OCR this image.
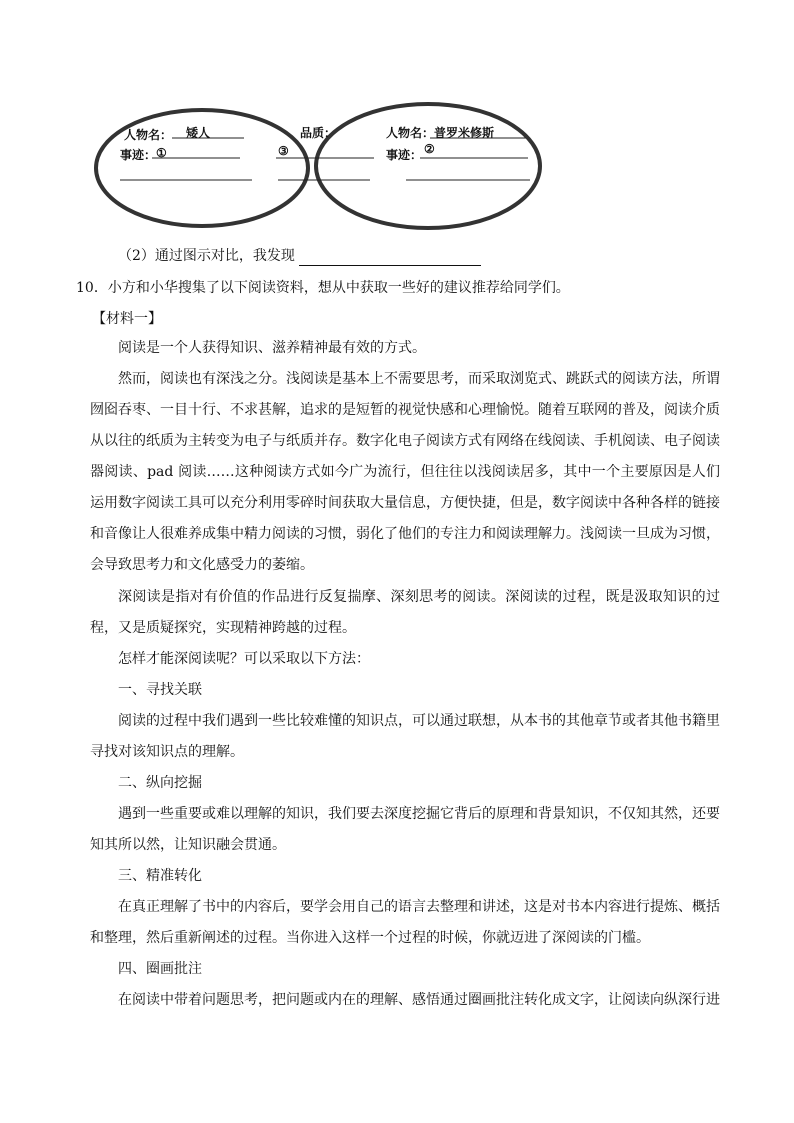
人物名： 矮人
事迹： ①
品质：
③
人物名： 普罗米修斯
事迹： ②
（2）通过图示对比，我发现
10．小方和小华搜集了以下阅读资料，想从中获取一些好的建议推荐给同学们。
【材料一】
阅读是一个人获得知识、滋养精神最有效的方式。
然而，阅读也有深浅之分。浅阅读是基本上不需要思考，而采取浏览式、跳跃式的阅读方法，所谓囫囵吞枣、一目十行、不求甚解，追求的是短暂的视觉快感和心理愉悦。随着互联网的普及，阅读介质从以往的纸质为主转变为电子与纸质并存。数字化电子阅读方式有网络在线阅读、手机阅读、电子阅读器阅读、pad 阅读……这种阅读方式如今广为流行，但往往以浅阅读居多，其中一个主要原因是人们运用数字阅读工具可以充分利用零碎时间获取大量信息，方便快捷，但是，数字阅读中各种各样的链接和音像让人很难养成集中精力阅读的习惯，弱化了他们的专注力和阅读理解力。浅阅读一旦成为习惯，会导致思考力和文化感受力的萎缩。
深阅读是指对有价值的作品进行反复揣摩、深刻思考的阅读。深阅读的过程，既是汲取知识的过程，又是质疑探究，实现精神跨越的过程。
怎样才能深阅读呢？可以采取以下方法：
一、寻找关联
阅读的过程中我们遇到一些比较难懂的知识点，可以通过联想，从本书的其他章节或者其他书籍里寻找对该知识点的理解。
二、纵向挖掘
遇到一些重要或难以理解的知识，我们要去深度挖掘它背后的原理和背景知识，不仅知其然，还要知其所以然，让知识融会贯通。
三、精准转化
在真正理解了书中的内容后，要学会用自己的语言去整理和讲述，这是对书本内容进行提炼、概括和整理，然后重新阐述的过程。当你进入这样一个过程的时候，你就迈进了深阅读的门槛。
四、圈画批注
在阅读中带着问题思考，把问题或内在的理解、感悟通过圈画批注转化成文字，让阅读向纵深行进
